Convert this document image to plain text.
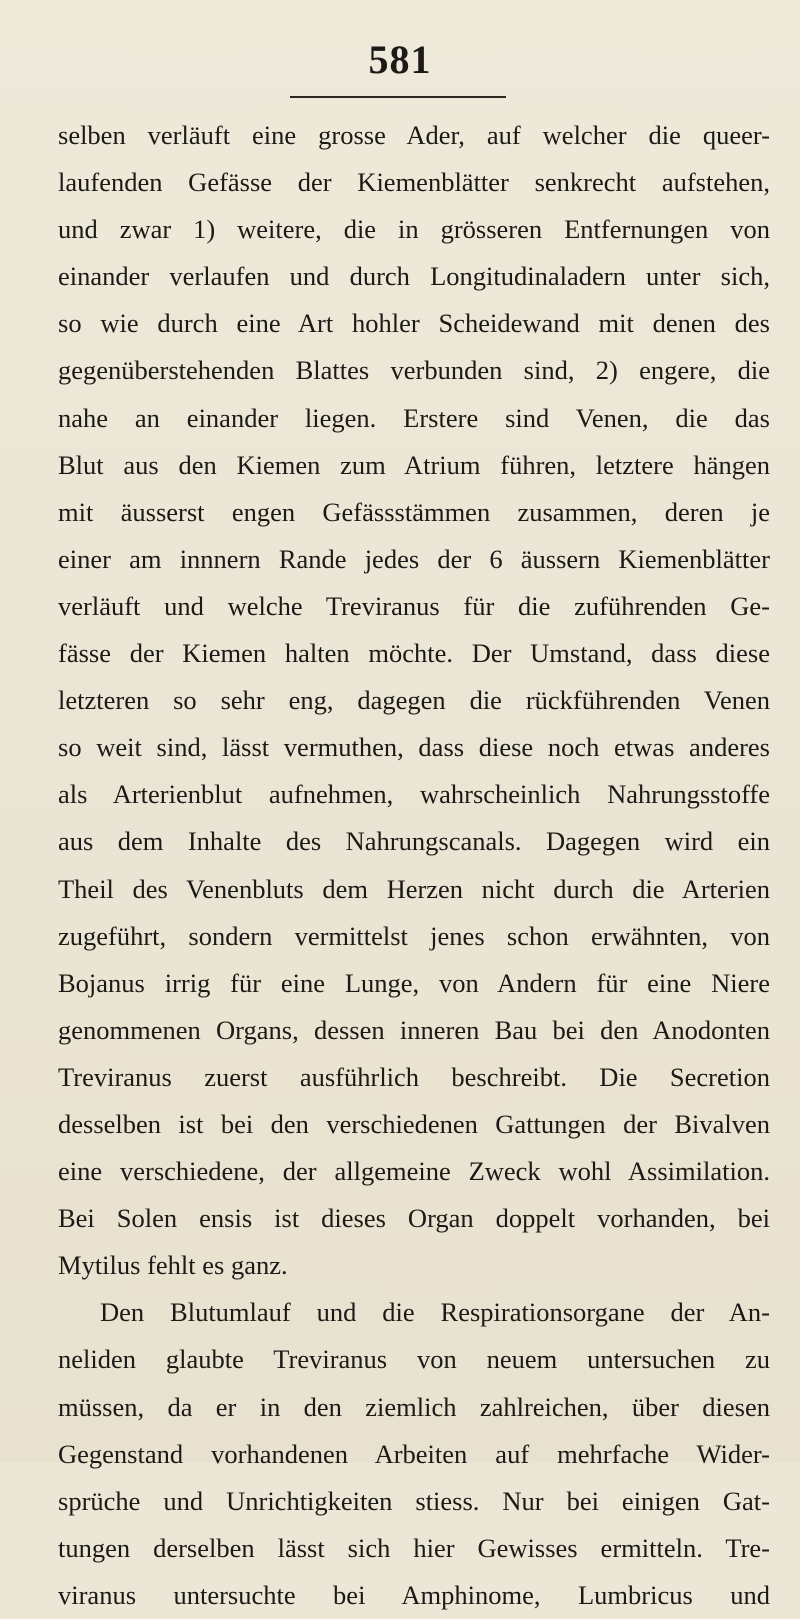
581
selben verläuft eine grosse Ader, auf welcher die queer-
laufenden Gefässe der Kiemenblätter senkrecht aufstehen,
und zwar 1) weitere, die in grösseren Entfernungen von
einander verlaufen und durch Longitudinaladern unter sich,
so wie durch eine Art hohler Scheidewand mit denen des
gegenüberstehenden Blattes verbunden sind, 2) engere, die
nahe an einander liegen. Erstere sind Venen, die das
Blut aus den Kiemen zum Atrium führen, letztere hängen
mit äusserst engen Gefässstämmen zusammen, deren je
einer am innnern Rande jedes der 6 äussern Kiemenblätter
verläuft und welche Treviranus für die zuführenden Ge-
fässe der Kiemen halten möchte. Der Umstand, dass diese
letzteren so sehr eng, dagegen die rückführenden Venen
so weit sind, lässt vermuthen, dass diese noch etwas anderes
als Arterienblut aufnehmen, wahrscheinlich Nahrungsstoffe
aus dem Inhalte des Nahrungscanals. Dagegen wird ein
Theil des Venenbluts dem Herzen nicht durch die Arterien
zugeführt, sondern vermittelst jenes schon erwähnten, von
Bojanus irrig für eine Lunge, von Andern für eine Niere
genommenen Organs, dessen inneren Bau bei den Anodonten
Treviranus zuerst ausführlich beschreibt. Die Secretion
desselben ist bei den verschiedenen Gattungen der Bivalven
eine verschiedene, der allgemeine Zweck wohl Assimilation.
Bei Solen ensis ist dieses Organ doppelt vorhanden, bei
Mytilus fehlt es ganz.
Den Blutumlauf und die Respirationsorgane der An-
neliden glaubte Treviranus von neuem untersuchen zu
müssen, da er in den ziemlich zahlreichen, über diesen
Gegenstand vorhandenen Arbeiten auf mehrfache Wider-
sprüche und Unrichtigkeiten stiess. Nur bei einigen Gat-
tungen derselben lässt sich hier Gewisses ermitteln. Tre-
viranus untersuchte bei Amphinome, Lumbricus und
